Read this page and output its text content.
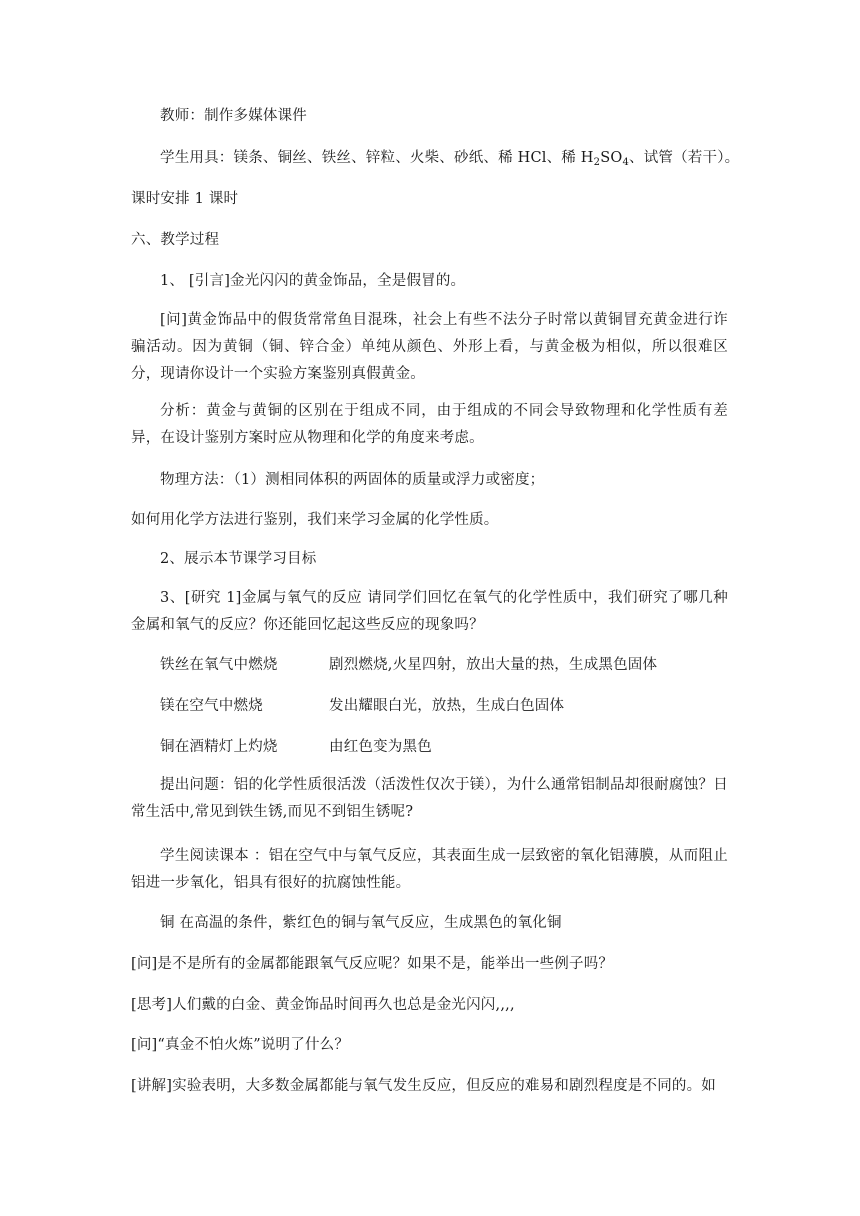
教师：制作多媒体课件
学生用具：镁条、铜丝、铁丝、锌粒、火柴、砂纸、稀 HCl、稀 $H_2SO_4$、试管（若干）。
课时安排 1 课时
六、教学过程
1、 [引言]金光闪闪的黄金饰品，全是假冒的。
[问]黄金饰品中的假货常常鱼目混珠，社会上有些不法分子时常以黄铜冒充黄金进行诈骗活动。因为黄铜（铜、锌合金）单纯从颜色、外形上看，与黄金极为相似，所以很难区分，现请你设计一个实验方案鉴别真假黄金。
分析：黄金与黄铜的区别在于组成不同，由于组成的不同会导致物理和化学性质有差异，在设计鉴别方案时应从物理和化学的角度来考虑。
物理方法：（1）测相同体积的两固体的质量或浮力或密度；
如何用化学方法进行鉴别，我们来学习金属的化学性质。
2、展示本节课学习目标
3、[研究 1]金属与氧气的反应 请同学们回忆在氧气的化学性质中，我们研究了哪几种金属和氧气的反应？你还能回忆起这些反应的现象吗？
铁丝在氧气中燃烧	剧烈燃烧,火星四射，放出大量的热，生成黑色固体
镁在空气中燃烧	发出耀眼白光，放热，生成白色固体
铜在酒精灯上灼烧	由红色变为黑色
提出问题：铝的化学性质很活泼（活泼性仅次于镁），为什么通常铝制品却很耐腐蚀？日常生活中,常见到铁生锈,而见不到铝生锈呢?
学生阅读课本 ：铝在空气中与氧气反应，其表面生成一层致密的氧化铝薄膜，从而阻止铝进一步氧化，铝具有很好的抗腐蚀性能。
铜 在高温的条件，紫红色的铜与氧气反应，生成黑色的氧化铜
[问]是不是所有的金属都能跟氧气反应呢？如果不是，能举出一些例子吗？
[思考]人们戴的白金、黄金饰品时间再久也总是金光闪闪,,,,
[问]“真金不怕火炼”说明了什么？
[讲解]实验表明，大多数金属都能与氧气发生反应，但反应的难易和剧烈程度是不同的。如
